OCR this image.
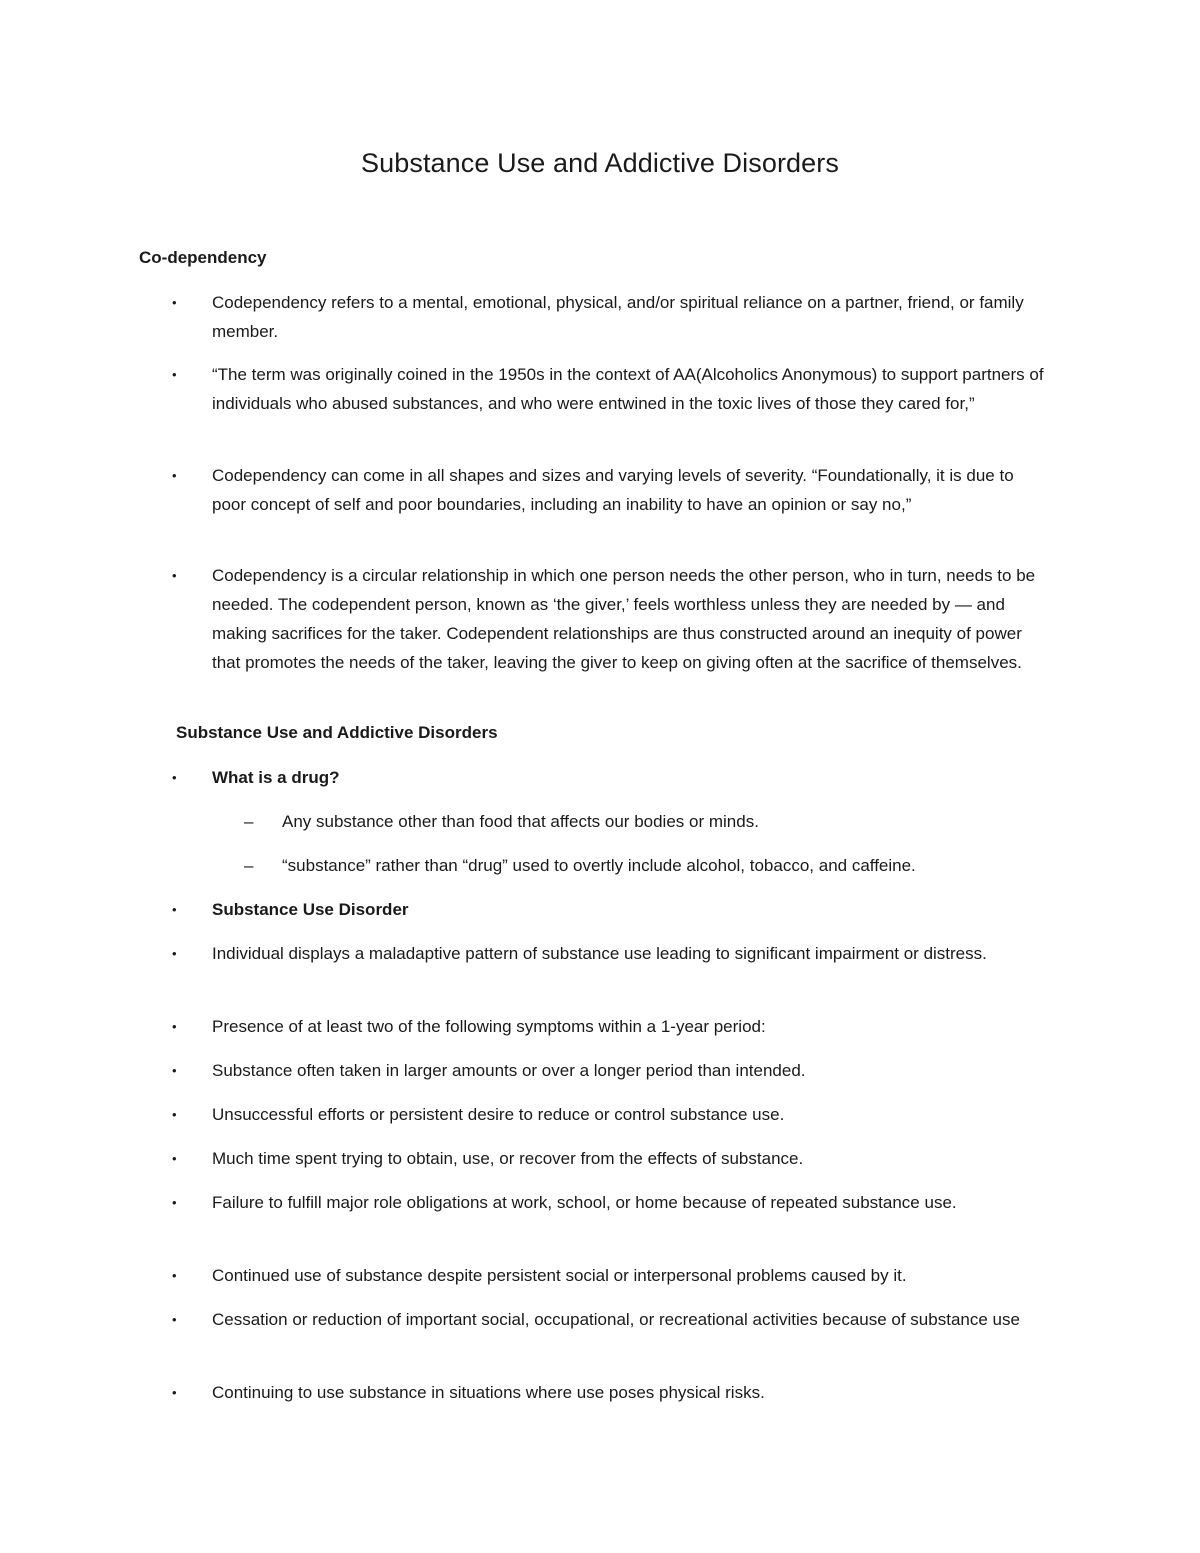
Substance Use and Addictive Disorders
Co-dependency
•	Codependency refers to a mental, emotional, physical, and/or spiritual reliance on a partner, friend, or family member.
•	“The term was originally coined in the 1950s in the context of AA(Alcoholics Anonymous) to support partners of individuals who abused substances, and who were entwined in the toxic lives of those they cared for,”
•	Codependency can come in all shapes and sizes and varying levels of severity. “Foundationally, it is due to poor concept of self and poor boundaries, including an inability to have an opinion or say no,”
•	Codependency is a circular relationship in which one person needs the other person, who in turn, needs to be needed. The codependent person, known as ‘the giver,’ feels worthless unless they are needed by — and making sacrifices for the taker. Codependent relationships are thus constructed around an inequity of power that promotes the needs of the taker, leaving the giver to keep on giving often at the sacrifice of themselves.
Substance Use and Addictive Disorders
•	What is a drug?
–	Any substance other than food that affects our bodies or minds.
–	“substance” rather than “drug” used to overtly include alcohol, tobacco, and caffeine.
•	Substance Use Disorder
•	Individual displays a maladaptive pattern of substance use leading to significant impairment or distress.
•	Presence of at least two of the following symptoms within a 1-year period:
•	Substance often taken in larger amounts or over a longer period than intended.
•	Unsuccessful efforts or persistent desire to reduce or control substance use.
•	Much time spent trying to obtain, use, or recover from the effects of substance.
•	Failure to fulfill major role obligations at work, school, or home because of repeated substance use.
•	Continued use of substance despite persistent social or interpersonal problems caused by it.
•	Cessation or reduction of important social, occupational, or recreational activities because of substance use
•	Continuing to use substance in situations where use poses physical risks.
